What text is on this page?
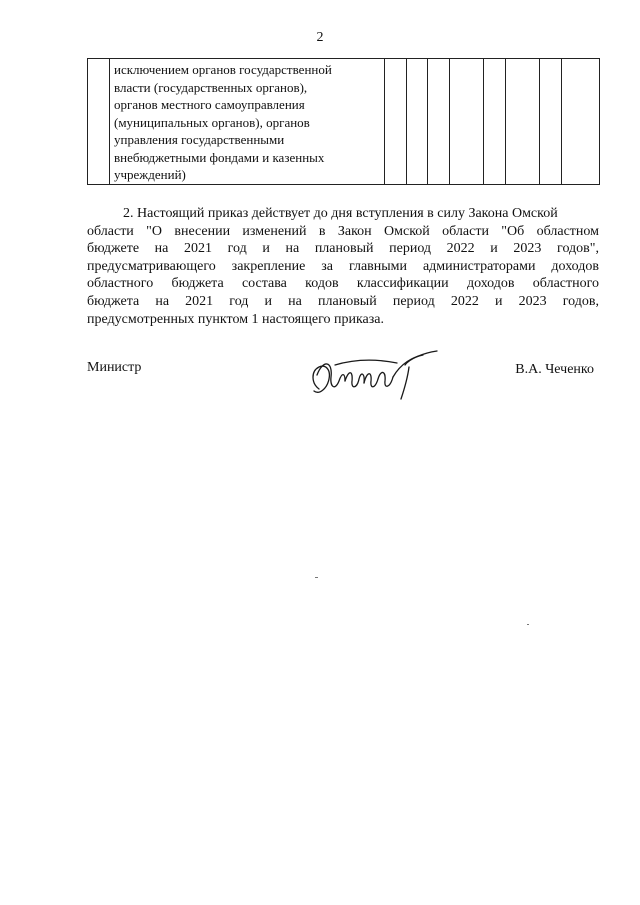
2

исключением органов государственной
власти (государственных органов),
органов местного самоуправления
(муниципальных органов), органов
управления государственными
внебюджетными фондами и казенных
учреждений)

2. Настоящий приказ действует до дня вступления в силу Закона Омской
области "О внесении изменений в Закон Омской области "Об областном
бюджете на 2021 год и на плановый период 2022 и 2023 годов",
предусматривающего закрепление за главными администраторами доходов
областного бюджета состава кодов классификации доходов областного
бюджета на 2021 год и на плановый период 2022 и 2023 годов,
предусмотренных пунктом 1 настоящего приказа.
Министр	В.А. Чеченко
